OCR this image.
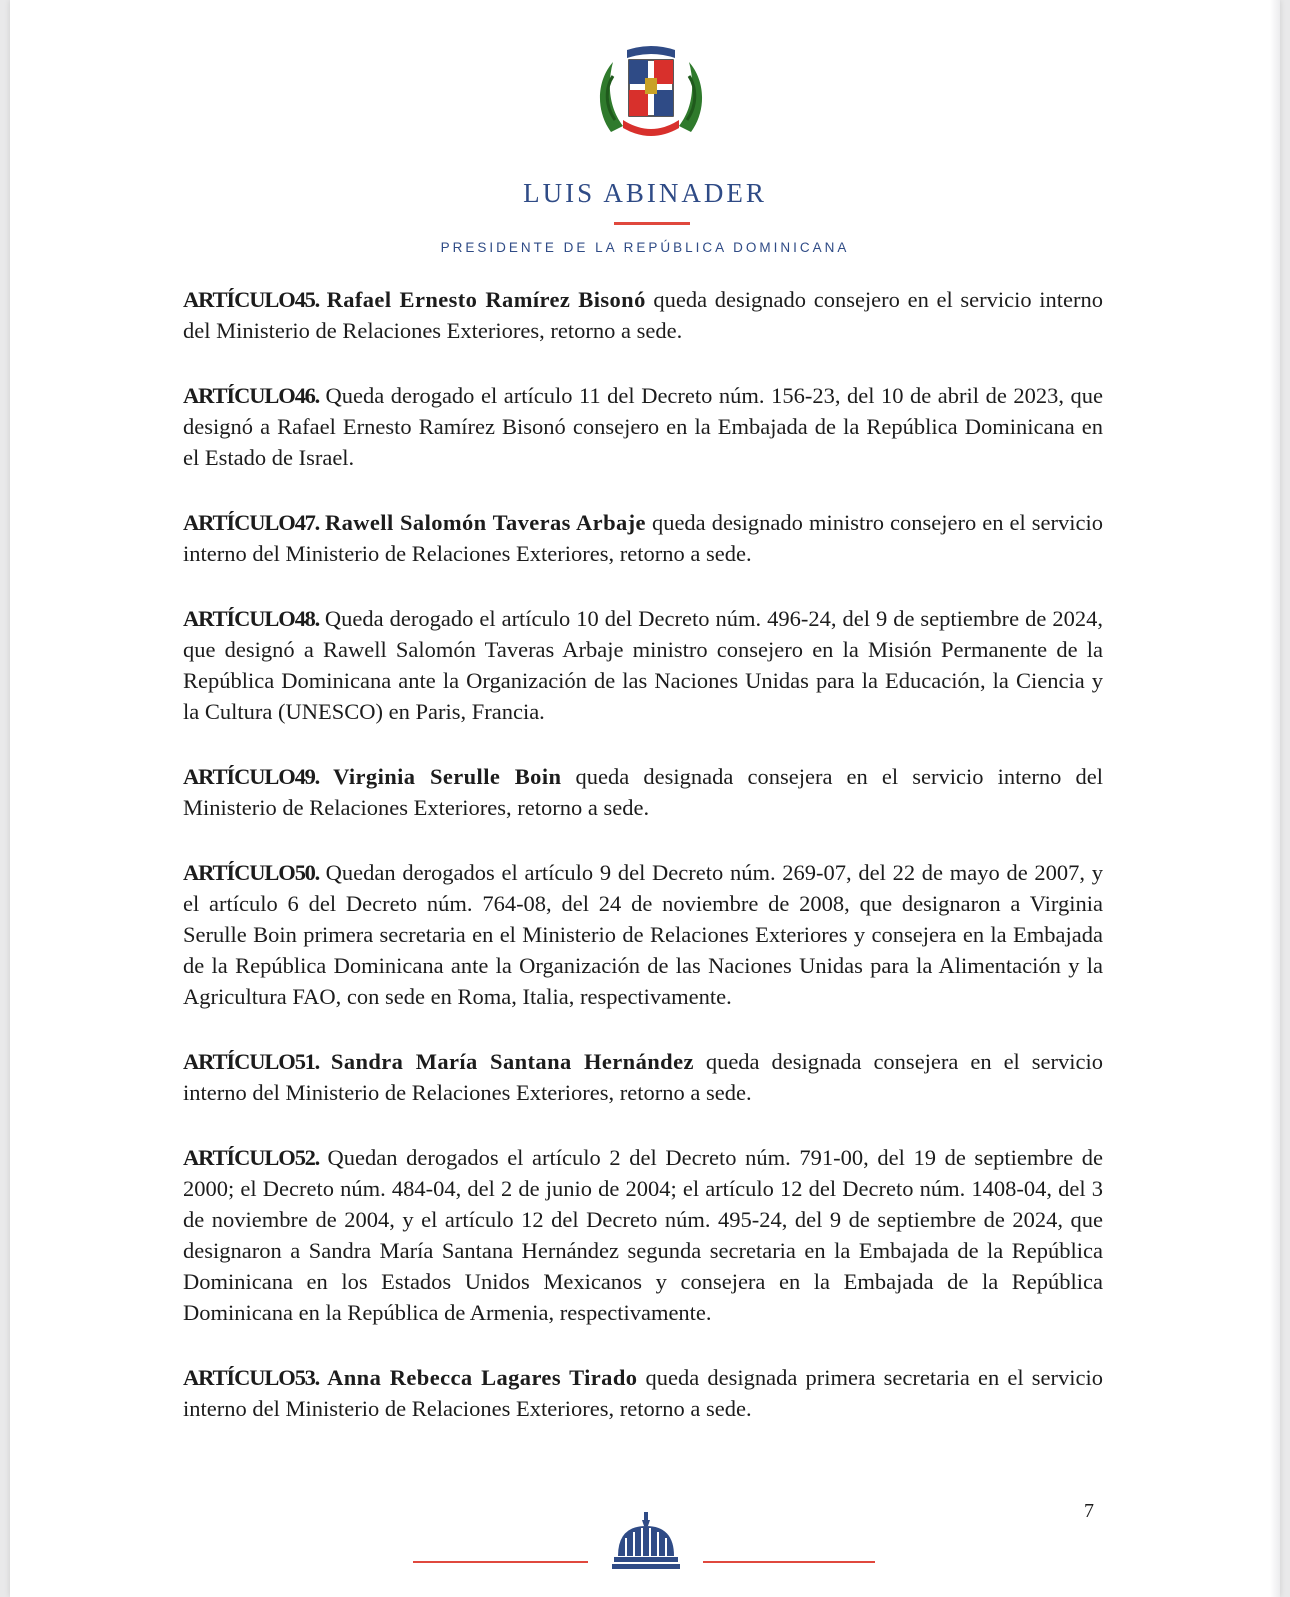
LUIS ABINADER
PRESIDENTE DE LA REPÚBLICA DOMINICANA

ARTÍCULO45. Rafael Ernesto Ramírez Bisonó queda designado consejero en el servicio interno del Ministerio de Relaciones Exteriores, retorno a sede.

ARTÍCULO46. Queda derogado el artículo 11 del Decreto núm. 156-23, del 10 de abril de 2023, que designó a Rafael Ernesto Ramírez Bisonó consejero en la Embajada de la República Dominicana en el Estado de Israel.

ARTÍCULO47. Rawell Salomón Taveras Arbaje queda designado ministro consejero en el servicio interno del Ministerio de Relaciones Exteriores, retorno a sede.

ARTÍCULO48. Queda derogado el artículo 10 del Decreto núm. 496-24, del 9 de septiembre de 2024, que designó a Rawell Salomón Taveras Arbaje ministro consejero en la Misión Permanente de la República Dominicana ante la Organización de las Naciones Unidas para la Educación, la Ciencia y la Cultura (UNESCO) en Paris, Francia.

ARTÍCULO49. Virginia Serulle Boin queda designada consejera en el servicio interno del Ministerio de Relaciones Exteriores, retorno a sede.

ARTÍCULO50. Quedan derogados el artículo 9 del Decreto núm. 269-07, del 22 de mayo de 2007, y el artículo 6 del Decreto núm. 764-08, del 24 de noviembre de 2008, que designaron a Virginia Serulle Boin primera secretaria en el Ministerio de Relaciones Exteriores y consejera en la Embajada de la República Dominicana ante la Organización de las Naciones Unidas para la Alimentación y la Agricultura FAO, con sede en Roma, Italia, respectivamente.

ARTÍCULO51. Sandra María Santana Hernández queda designada consejera en el servicio interno del Ministerio de Relaciones Exteriores, retorno a sede.

ARTÍCULO52. Quedan derogados el artículo 2 del Decreto núm. 791-00, del 19 de septiembre de 2000; el Decreto núm. 484-04, del 2 de junio de 2004; el artículo 12 del Decreto núm. 1408-04, del 3 de noviembre de 2004, y el artículo 12 del Decreto núm. 495-24, del 9 de septiembre de 2024, que designaron a Sandra María Santana Hernández segunda secretaria en la Embajada de la República Dominicana en los Estados Unidos Mexicanos y consejera en la Embajada de la República Dominicana en la República de Armenia, respectivamente.

ARTÍCULO53. Anna Rebecca Lagares Tirado queda designada primera secretaria en el servicio interno del Ministerio de Relaciones Exteriores, retorno a sede.

7
